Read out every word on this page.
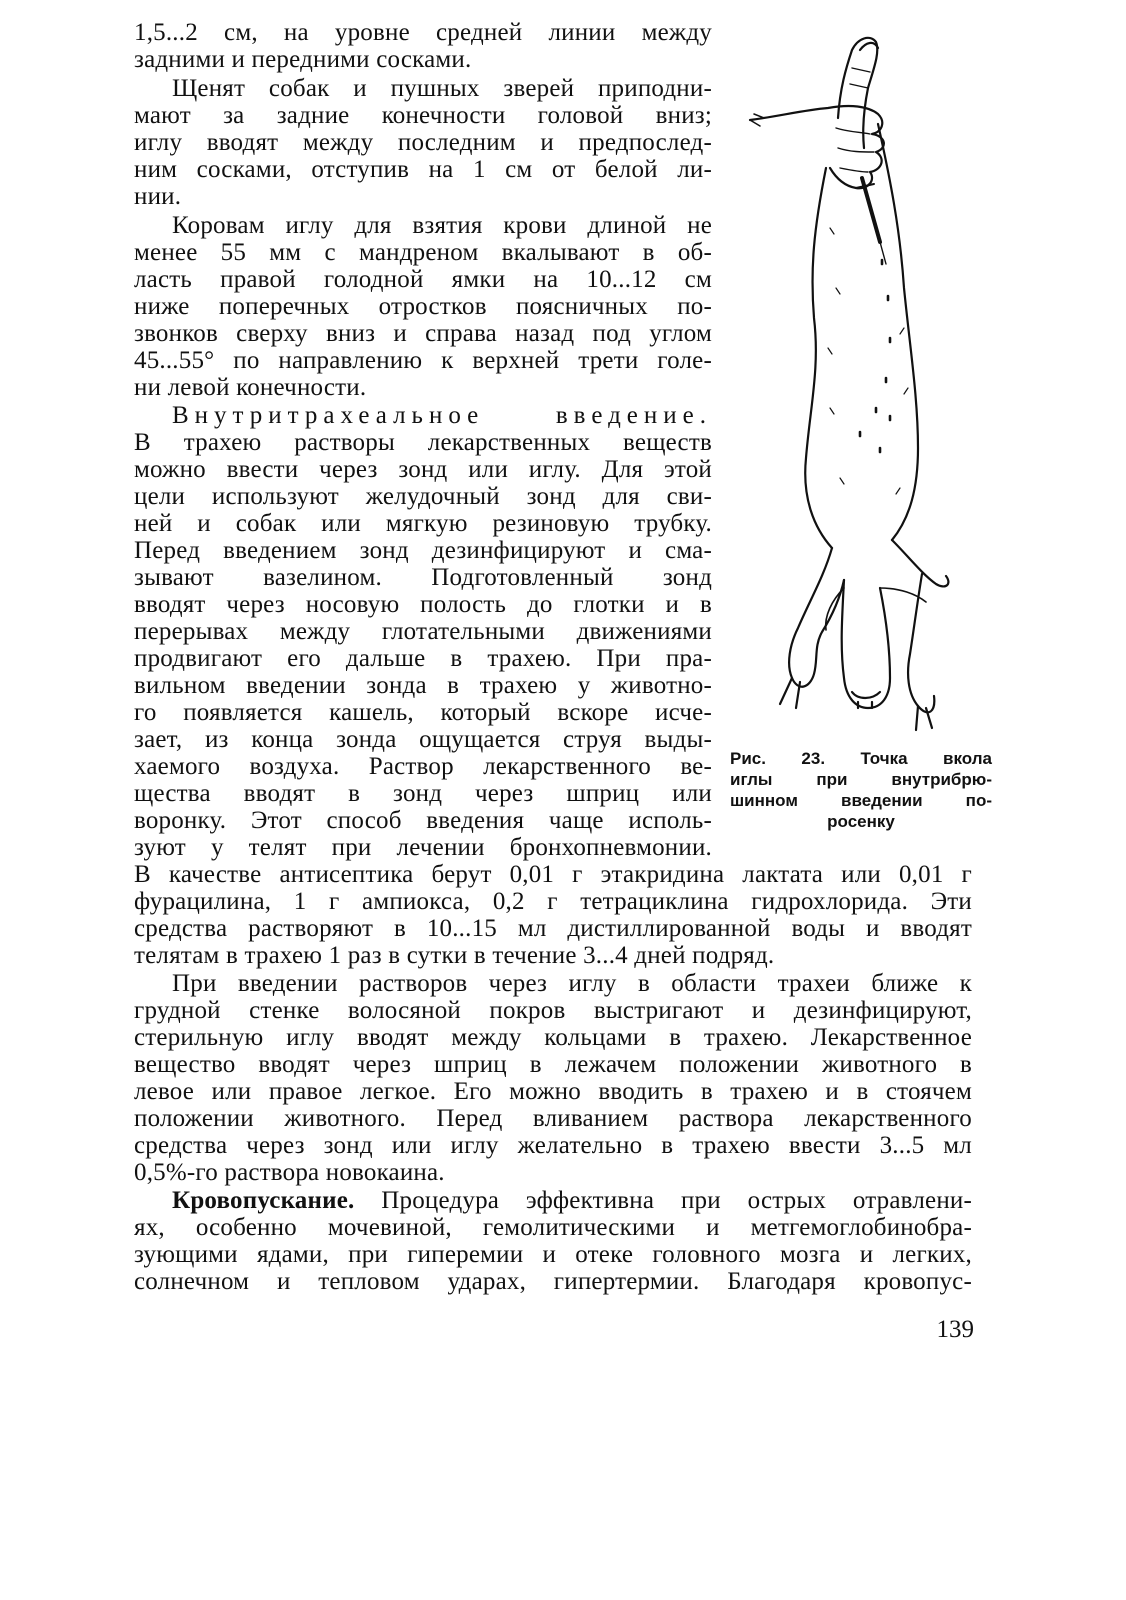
1,5...2 см, на уровне средней линии между
задними и передними сосками.
Щенят собак и пушных зверей приподни-
мают за задние конечности головой вниз;
иглу вводят между последним и предпослед-
ним сосками, отступив на 1 см от белой ли-
нии.
Коровам иглу для взятия крови длиной не
менее 55 мм с мандреном вкалывают в об-
ласть правой голодной ямки на 10...12 см
ниже поперечных отростков поясничных по-
звонков сверху вниз и справа назад под углом
45...55° по направлению к верхней трети голе-
ни левой конечности.
Внутритрахеальное введение.
В трахею растворы лекарственных веществ
можно ввести через зонд или иглу. Для этой
цели используют желудочный зонд для сви-
ней и собак или мягкую резиновую трубку.
Перед введением зонд дезинфицируют и сма-
зывают вазелином. Подготовленный зонд
вводят через носовую полость до глотки и в
перерывах между глотательными движениями
продвигают его дальше в трахею. При пра-
вильном введении зонда в трахею у животно-
го появляется кашель, который вскоре исче-
зает, из конца зонда ощущается струя выды-
хаемого воздуха. Раствор лекарственного ве-
щества вводят в зонд через шприц или
воронку. Этот способ введения чаще исполь-
зуют у телят при лечении бронхопневмонии.
В качестве антисептика берут 0,01 г этакридина лактата или 0,01 г
фурацилина, 1 г ампиокса, 0,2 г тетрациклина гидрохлорида. Эти
средства растворяют в 10...15 мл дистиллированной воды и вводят
телятам в трахею 1 раз в сутки в течение 3...4 дней подряд.
При введении растворов через иглу в области трахеи ближе к
грудной стенке волосяной покров выстригают и дезинфицируют,
стерильную иглу вводят между кольцами в трахею. Лекарственное
вещество вводят через шприц в лежачем положении животного в
левое или правое легкое. Его можно вводить в трахею и в стоячем
положении животного. Перед вливанием раствора лекарственного
средства через зонд или иглу желательно в трахею ввести 3...5 мл
0,5%-го раствора новокаина.
Кровопускание. Процедура эффективна при острых отравлени-
ях, особенно мочевиной, гемолитическими и метгемоглобинобра-
зующими ядами, при гиперемии и отеке головного мозга и легких,
солнечном и тепловом ударах, гипертермии. Благодаря кровопус-
Рис. 23. Точка вкола
иглы при внутрибрю-
шинном введении по-
росенку
139
